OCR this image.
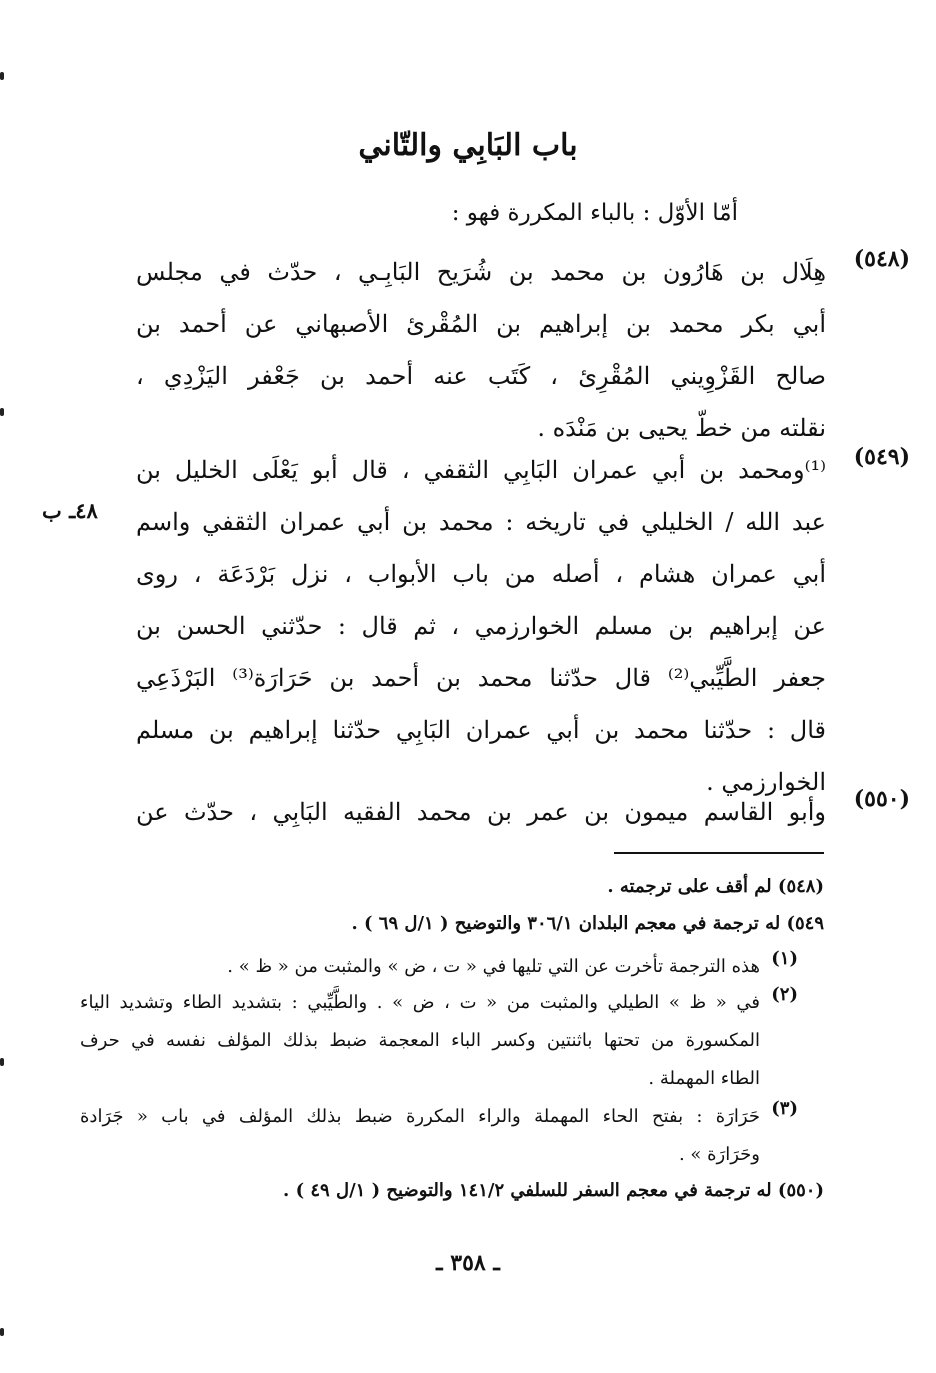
باب البَابِي والتّاني
أمّا الأوّل : بالباء المكررة فهو :
(٥٤٨)
هِلَال بن هَارُون بن محمد بن شُرَيح البَابِـي ، حدّث في مجلس
أبي بكر محمد بن إبراهيم بن المُقْرئ الأصبهاني عن أحمد بن
صالح القَزْوِيني المُقْرِئ ، كَتَب عنه أحمد بن جَعْفر اليَزْدِي ،
نقلته من خطّ يحيى بن مَنْدَه .
(٥٤٩)
⁽¹⁾ومحمد بن أبي عمران البَابِي الثقفي ، قال أبو يَعْلَى الخليل بن
عبد الله / الخليلي في تاريخه : محمد بن أبي عمران الثقفي واسم
أبي عمران هشام ، أصله من باب الأبواب ، نزل بَرْدَعَة ، روى
عن إبراهيم بن مسلم الخوارزمي ، ثم قال : حدّثني الحسن بن
جعفر الطَّيِّبي⁽²⁾ قال حدّثنا محمد بن أحمد بن حَرَارَة⁽³⁾ البَرْذَعِي
قال : حدّثنا محمد بن أبي عمران البَابِي حدّثنا إبراهيم بن مسلم
الخوارزمي .
٤٨ـ ب
(٥٥٠)
وأبو القاسم ميمون بن عمر بن محمد الفقيه البَابِي ، حدّث عن
(٥٤٨) لم أقف على ترجمته .
٥٤٩) له ترجمة في معجم البلدان ٣٠٦/١ والتوضيح ( ١/ل ٦٩ ) .
(١)
هذه الترجمة تأخرت عن التي تليها في « ت ، ض » والمثبت من « ظ » .
(٢)
في « ظ » الطيلي والمثبت من « ت ، ض » . والطَّيِّبي : بتشديد الطاء وتشديد الياء
المكسورة من تحتها باثنتين وكسر الباء المعجمة ضبط بذلك المؤلف نفسه في حرف
الطاء المهملة .
(٣)
حَرَارَة : بفتح الحاء المهملة والراء المكررة ضبط بذلك المؤلف في باب « جَرَادة
وحَرَارَة » .
(٥٥٠) له ترجمة في معجم السفر للسلفي ١٤١/٢ والتوضيح ( ١/ل ٤٩ ) .
ـ ٣٥٨ ـ
